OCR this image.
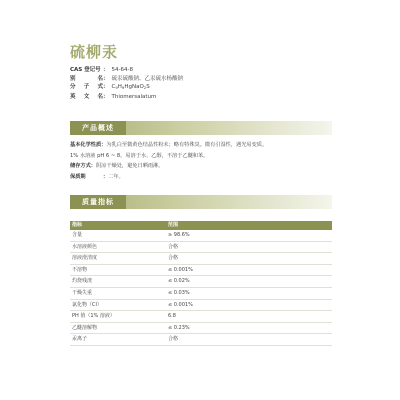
硫柳汞
CAS 登记号 ： 54-64-8
别	名 ： 硫汞硫酸钠、乙汞硫水杨酸钠
分 子 式 ： $C_9H_9HgNaO_2S$
英 文 名 ： Thiomersalatum
产品概述
基本化学性质：为乳白至微黄色结晶性粉末；略有特殊臭。微有引湿性，遇光易变质。
1% 水溶液 pH 6 ~ 8。易溶于水、乙醇，不溶于乙醚和苯。
储存方式：阴凉干燥处，避免日晒雨淋。
保质期	：二年。
质量指标
指标	范围
含量	≥ 98.6%
水溶液颜色	合格
溶液澄清度	合格
不溶物	≤ 0.001%
灼烧残渣	≤ 0.02%
干燥失重	≤ 0.03%
氯化物（Cl）	≤ 0.001%
PH 值（1% 溶液）	6.8
乙醚溶解物	≤ 0.23%
汞离子	合格
